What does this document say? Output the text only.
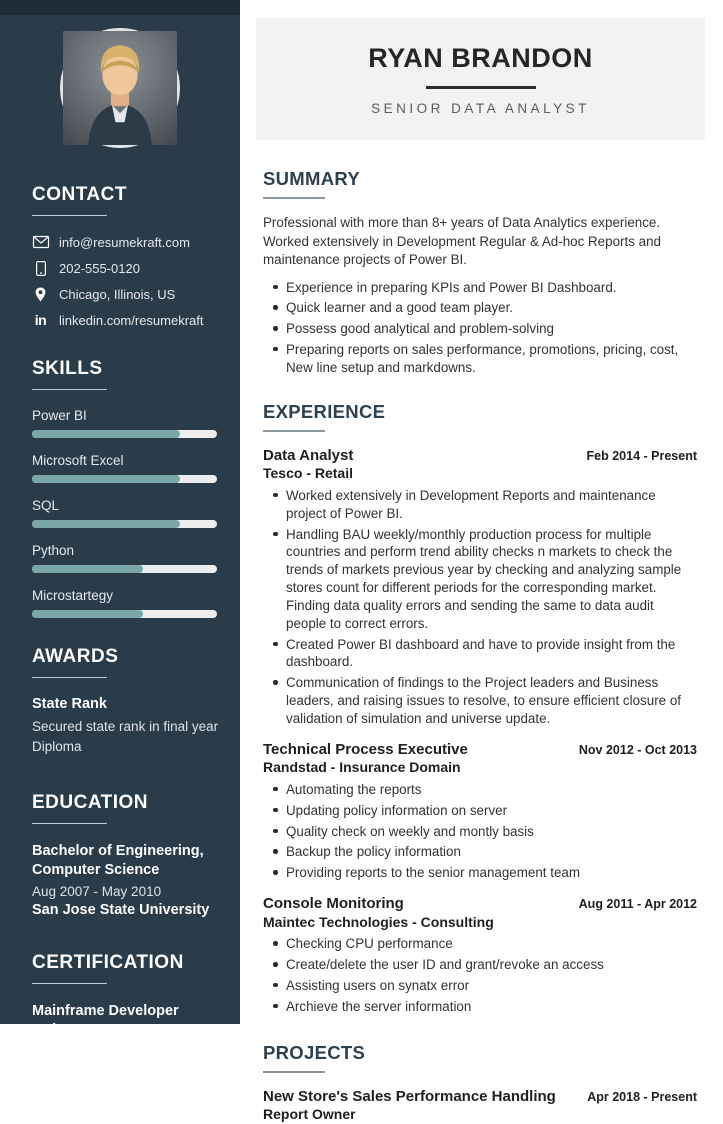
CONTACT
info@resumekraft.com
202-555-0120
Chicago, Illinois, US
in linkedin.com/resumekraft
SKILLS
Power BI
Microsoft Excel
SQL
Python
Microstartegy
AWARDS
State Rank
Secured state rank in final year Diploma
EDUCATION
Bachelor of Engineering, Computer Science
Aug 2007 - May 2010
San Jose State University
CERTIFICATION
Mainframe Developer
Maintec
RYAN BRANDON
SENIOR DATA ANALYST
SUMMARY

Professional with more than 8+ years of Data Analytics experience. Worked extensively in Development Regular & Ad-hoc Reports and maintenance projects of Power BI.

Experience in preparing KPIs and Power BI Dashboard.
Quick learner and a good team player.
Possess good analytical and problem-solving
Preparing reports on sales performance, promotions, pricing, cost, New line setup and markdowns.
EXPERIENCE
Data Analyst
Tesco - Retail
Feb 2014 - Present
Worked extensively in Development Reports and maintenance project of Power BI.
Handling BAU weekly/monthly production process for multiple countries and perform trend ability checks n markets to check the trends of markets previous year by checking and analyzing sample stores count for different periods for the corresponding market. Finding data quality errors and sending the same to data audit people to correct errors.
Created Power BI dashboard and have to provide insight from the dashboard.
Communication of findings to the Project leaders and Business leaders, and raising issues to resolve, to ensure efficient closure of validation of simulation and universe update.
Technical Process Executive
Randstad - Insurance Domain
Nov 2012 - Oct 2013
Automating the reports
Updating policy information on server
Quality check on weekly and montly basis
Backup the policy information
Providing reports to the senior management team
Console Monitoring
Maintec Technologies - Consulting
Aug 2011 - Apr 2012
Checking CPU performance
Create/delete the user ID and grant/revoke an access
Assisting users on synatx error
Archieve the server information
PROJECTS
New Store's Sales Performance Handling
Report Owner
Apr 2018 - Present
